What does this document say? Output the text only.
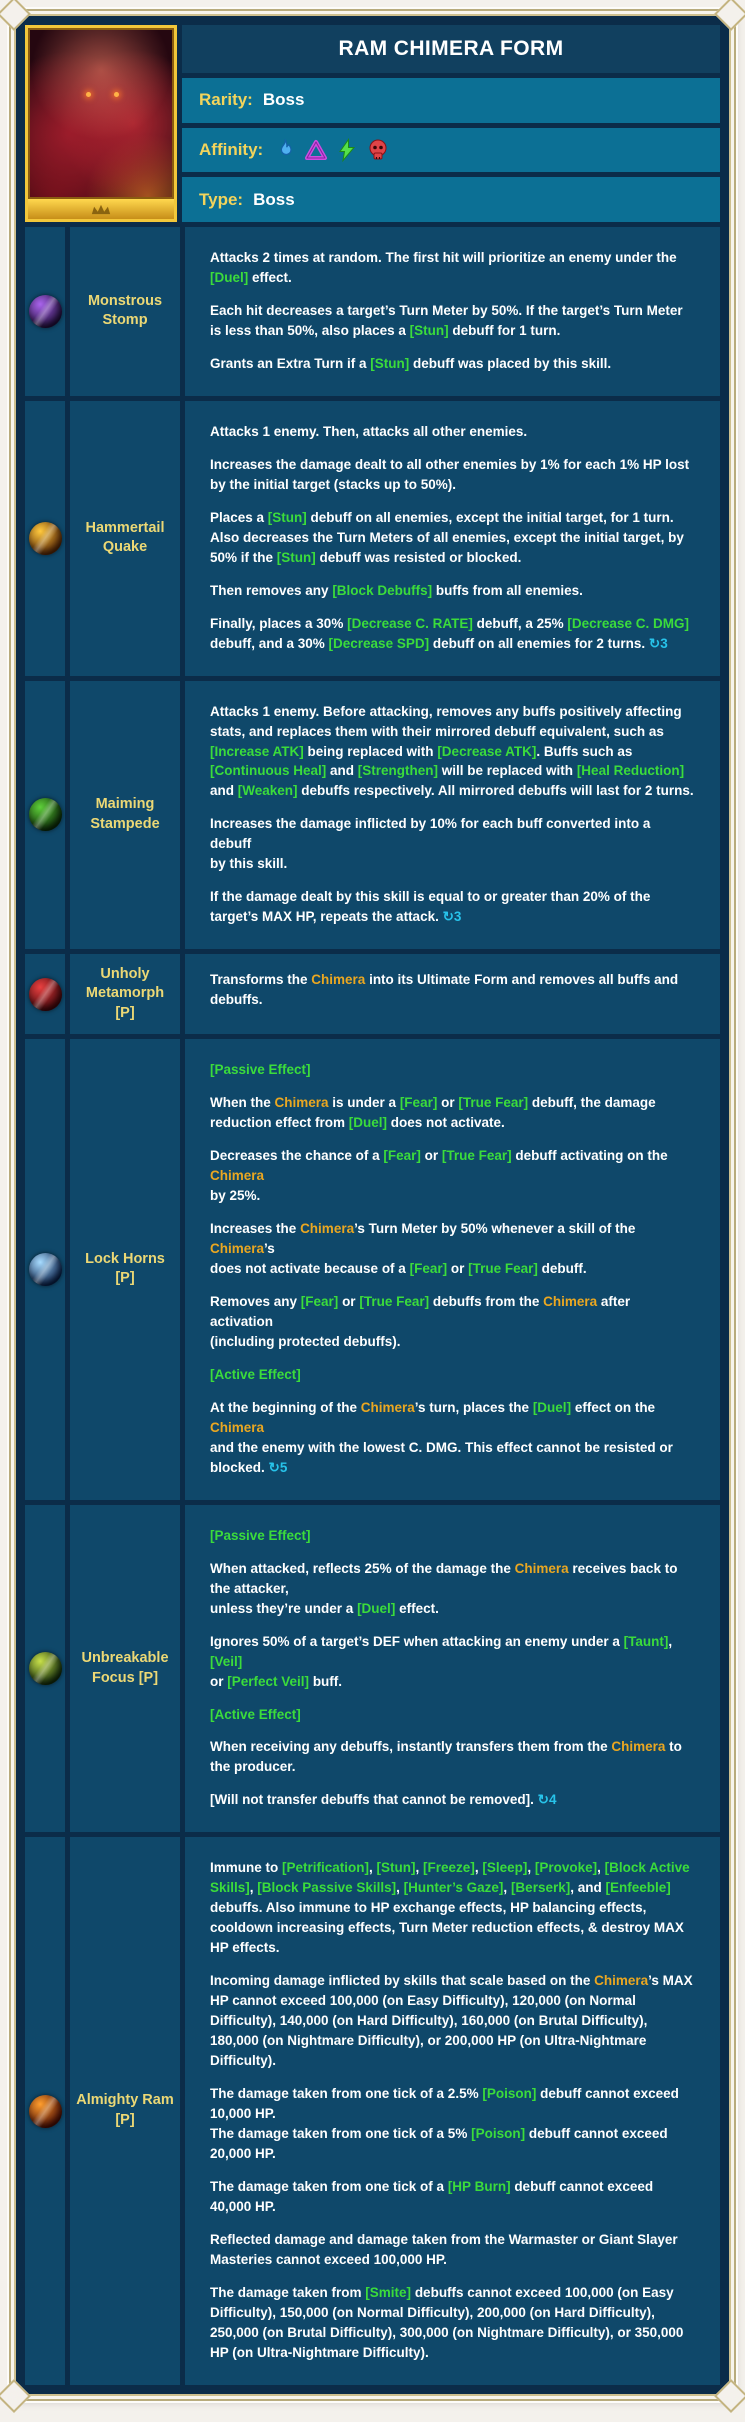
RAM CHIMERA FORM
Rarity: Boss
Affinity:
Type: Boss
Monstrous Stomp

Attacks 2 times at random. The first hit will prioritize an enemy under the [Duel] effect.

Each hit decreases a target’s Turn Meter by 50%. If the target’s Turn Meter is less than 50%, also places a [Stun] debuff for 1 turn.

Grants an Extra Turn if a [Stun] debuff was placed by this skill.

Hammertail Quake

Attacks 1 enemy. Then, attacks all other enemies.

Increases the damage dealt to all other enemies by 1% for each 1% HP lost
by the initial target (stacks up to 50%).

Places a [Stun] debuff on all enemies, except the initial target, for 1 turn.
Also decreases the Turn Meters of all enemies, except the initial target, by 50% if the [Stun] debuff was resisted or blocked.

Then removes any [Block Debuffs] buffs from all enemies.

Finally, places a 30% [Decrease C. RATE] debuff, a 25% [Decrease C. DMG] debuff, and a 30% [Decrease SPD] debuff on all enemies for 2 turns. ↻3

Maiming Stampede

Attacks 1 enemy. Before attacking, removes any buffs positively affecting stats, and replaces them with their mirrored debuff equivalent, such as [Increase ATK] being replaced with [Decrease ATK]. Buffs such as [Continuous Heal] and [Strengthen] will be replaced with [Heal Reduction] and [Weaken] debuffs respectively. All mirrored debuffs will last for 2 turns.

Increases the damage inflicted by 10% for each buff converted into a debuff
by this skill.

If the damage dealt by this skill is equal to or greater than 20% of the target’s MAX HP, repeats the attack. ↻3

Unholy Metamorph [P]

Transforms the Chimera into its Ultimate Form and removes all buffs and debuffs.

Lock Horns [P]

[Passive Effect]

When the Chimera is under a [Fear] or [True Fear] debuff, the damage reduction effect from [Duel] does not activate.

Decreases the chance of a [Fear] or [True Fear] debuff activating on the Chimera
by 25%.

Increases the Chimera’s Turn Meter by 50% whenever a skill of the Chimera’s
does not activate because of a [Fear] or [True Fear] debuff.

Removes any [Fear] or [True Fear] debuffs from the Chimera after activation
(including protected debuffs).

[Active Effect]

At the beginning of the Chimera’s turn, places the [Duel] effect on the Chimera
and the enemy with the lowest C. DMG. This effect cannot be resisted or blocked. ↻5

Unbreakable Focus [P]

[Passive Effect]

When attacked, reflects 25% of the damage the Chimera receives back to the attacker,
unless they’re under a [Duel] effect.

Ignores 50% of a target’s DEF when attacking an enemy under a [Taunt], [Veil]
or [Perfect Veil] buff.

[Active Effect]

When receiving any debuffs, instantly transfers them from the Chimera to the producer.

[Will not transfer debuffs that cannot be removed]. ↻4

Almighty Ram [P]

Immune to [Petrification], [Stun], [Freeze], [Sleep], [Provoke], [Block Active Skills], [Block Passive Skills], [Hunter’s Gaze], [Berserk], and [Enfeeble] debuffs. Also immune to HP exchange effects, HP balancing effects, cooldown increasing effects, Turn Meter reduction effects, & destroy MAX HP effects.

Incoming damage inflicted by skills that scale based on the Chimera’s MAX HP cannot exceed 100,000 (on Easy Difficulty), 120,000 (on Normal Difficulty), 140,000 (on Hard Difficulty), 160,000 (on Brutal Difficulty), 180,000 (on Nightmare Difficulty), or 200,000 HP (on Ultra-Nightmare Difficulty).

The damage taken from one tick of a 2.5% [Poison] debuff cannot exceed 10,000 HP.
The damage taken from one tick of a 5% [Poison] debuff cannot exceed 20,000 HP.

The damage taken from one tick of a [HP Burn] debuff cannot exceed 40,000 HP.

Reflected damage and damage taken from the Warmaster or Giant Slayer Masteries cannot exceed 100,000 HP.

The damage taken from [Smite] debuffs cannot exceed 100,000 (on Easy Difficulty), 150,000 (on Normal Difficulty), 200,000 (on Hard Difficulty), 250,000 (on Brutal Difficulty), 300,000 (on Nightmare Difficulty), or 350,000 HP (on Ultra-Nightmare Difficulty).
